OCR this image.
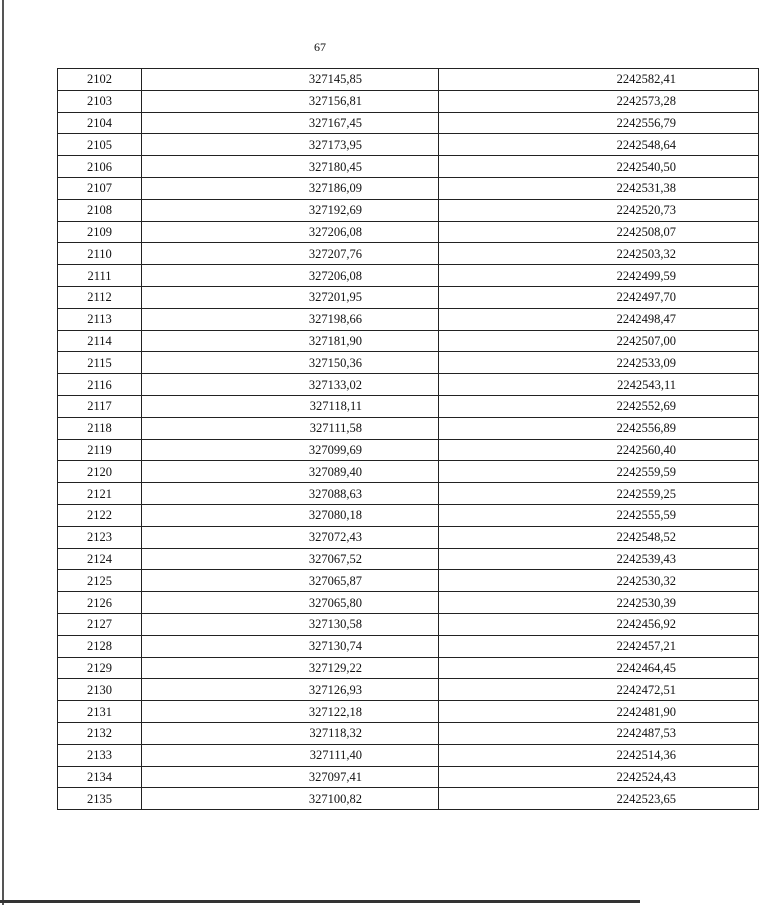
67
2102	327145,85	2242582,41
2103	327156,81	2242573,28
2104	327167,45	2242556,79
2105	327173,95	2242548,64
2106	327180,45	2242540,50
2107	327186,09	2242531,38
2108	327192,69	2242520,73
2109	327206,08	2242508,07
2110	327207,76	2242503,32
2111	327206,08	2242499,59
2112	327201,95	2242497,70
2113	327198,66	2242498,47
2114	327181,90	2242507,00
2115	327150,36	2242533,09
2116	327133,02	2242543,11
2117	327118,11	2242552,69
2118	327111,58	2242556,89
2119	327099,69	2242560,40
2120	327089,40	2242559,59
2121	327088,63	2242559,25
2122	327080,18	2242555,59
2123	327072,43	2242548,52
2124	327067,52	2242539,43
2125	327065,87	2242530,32
2126	327065,80	2242530,39
2127	327130,58	2242456,92
2128	327130,74	2242457,21
2129	327129,22	2242464,45
2130	327126,93	2242472,51
2131	327122,18	2242481,90
2132	327118,32	2242487,53
2133	327111,40	2242514,36
2134	327097,41	2242524,43
2135	327100,82	2242523,65
